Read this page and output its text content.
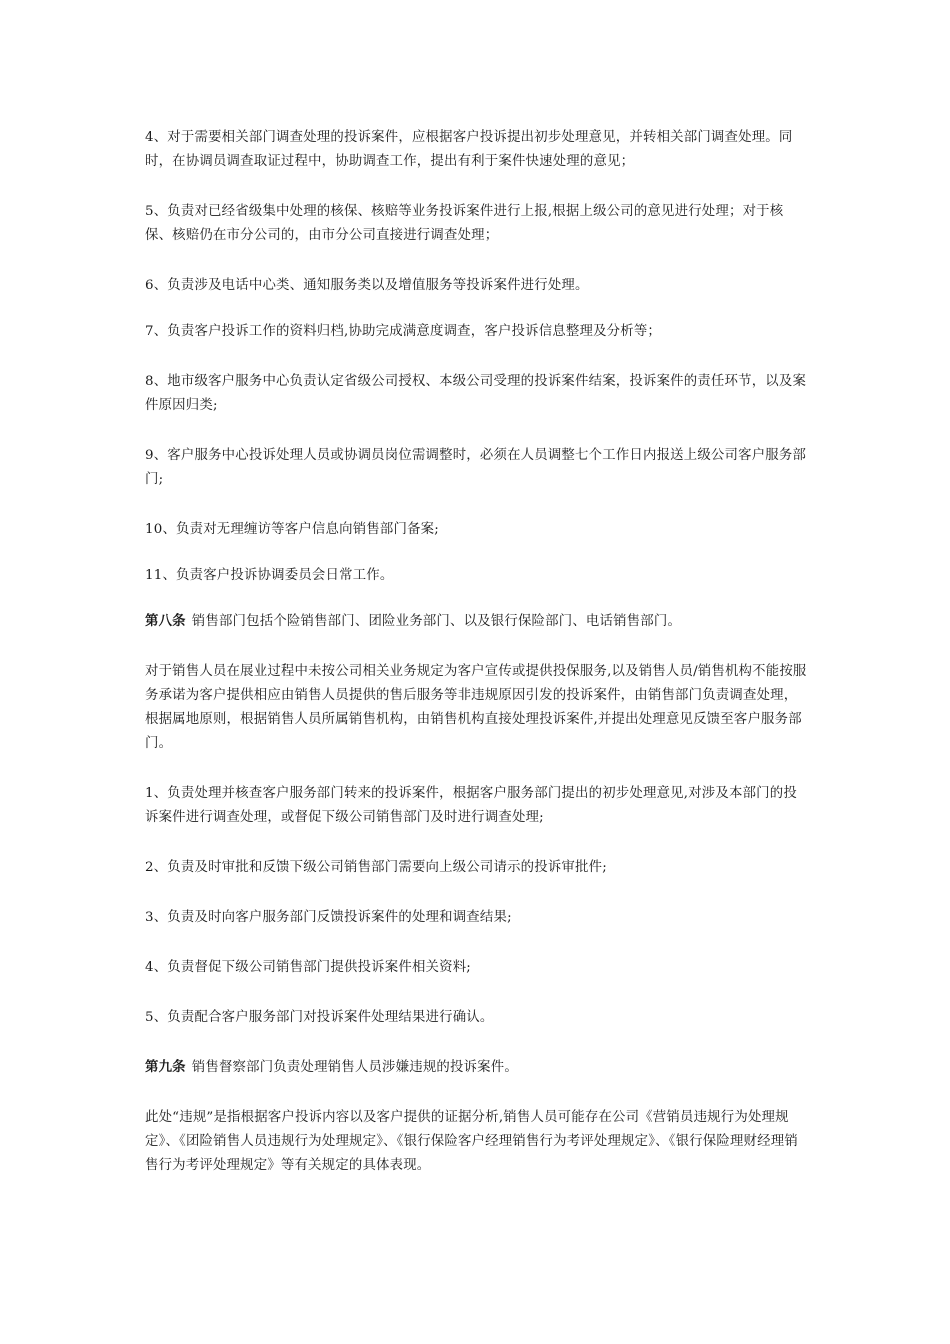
4、对于需要相关部门调查处理的投诉案件，应根据客户投诉提出初步处理意见，并转相关部门调查处理。同时，在协调员调查取证过程中，协助调查工作，提出有利于案件快速处理的意见；

5、负责对已经省级集中处理的核保、核赔等业务投诉案件进行上报,根据上级公司的意见进行处理；对于核保、核赔仍在市分公司的，由市分公司直接进行调查处理；

6、负责涉及电话中心类、通知服务类以及增值服务等投诉案件进行处理。

7、负责客户投诉工作的资料归档,协助完成满意度调查，客户投诉信息整理及分析等；

8、地市级客户服务中心负责认定省级公司授权、本级公司受理的投诉案件结案，投诉案件的责任环节，以及案件原因归类;

9、客户服务中心投诉处理人员或协调员岗位需调整时，必须在人员调整七个工作日内报送上级公司客户服务部门;

10、负责对无理缠访等客户信息向销售部门备案;

11、负责客户投诉协调委员会日常工作。

第八条 销售部门包括个险销售部门、团险业务部门、以及银行保险部门、电话销售部门。

对于销售人员在展业过程中未按公司相关业务规定为客户宣传或提供投保服务,以及销售人员/销售机构不能按服务承诺为客户提供相应由销售人员提供的售后服务等非违规原因引发的投诉案件，由销售部门负责调查处理，根据属地原则，根据销售人员所属销售机构，由销售机构直接处理投诉案件,并提出处理意见反馈至客户服务部门。

1、负责处理并核查客户服务部门转来的投诉案件，根据客户服务部门提出的初步处理意见,对涉及本部门的投诉案件进行调查处理，或督促下级公司销售部门及时进行调查处理;

2、负责及时审批和反馈下级公司销售部门需要向上级公司请示的投诉审批件;

3、负责及时向客户服务部门反馈投诉案件的处理和调查结果;

4、负责督促下级公司销售部门提供投诉案件相关资料;

5、负责配合客户服务部门对投诉案件处理结果进行确认。

第九条 销售督察部门负责处理销售人员涉嫌违规的投诉案件。

此处“违规”是指根据客户投诉内容以及客户提供的证据分析,销售人员可能存在公司《营销员违规行为处理规定》、《团险销售人员违规行为处理规定》、《银行保险客户经理销售行为考评处理规定》、《银行保险理财经理销售行为考评处理规定》等有关规定的具体表现。
